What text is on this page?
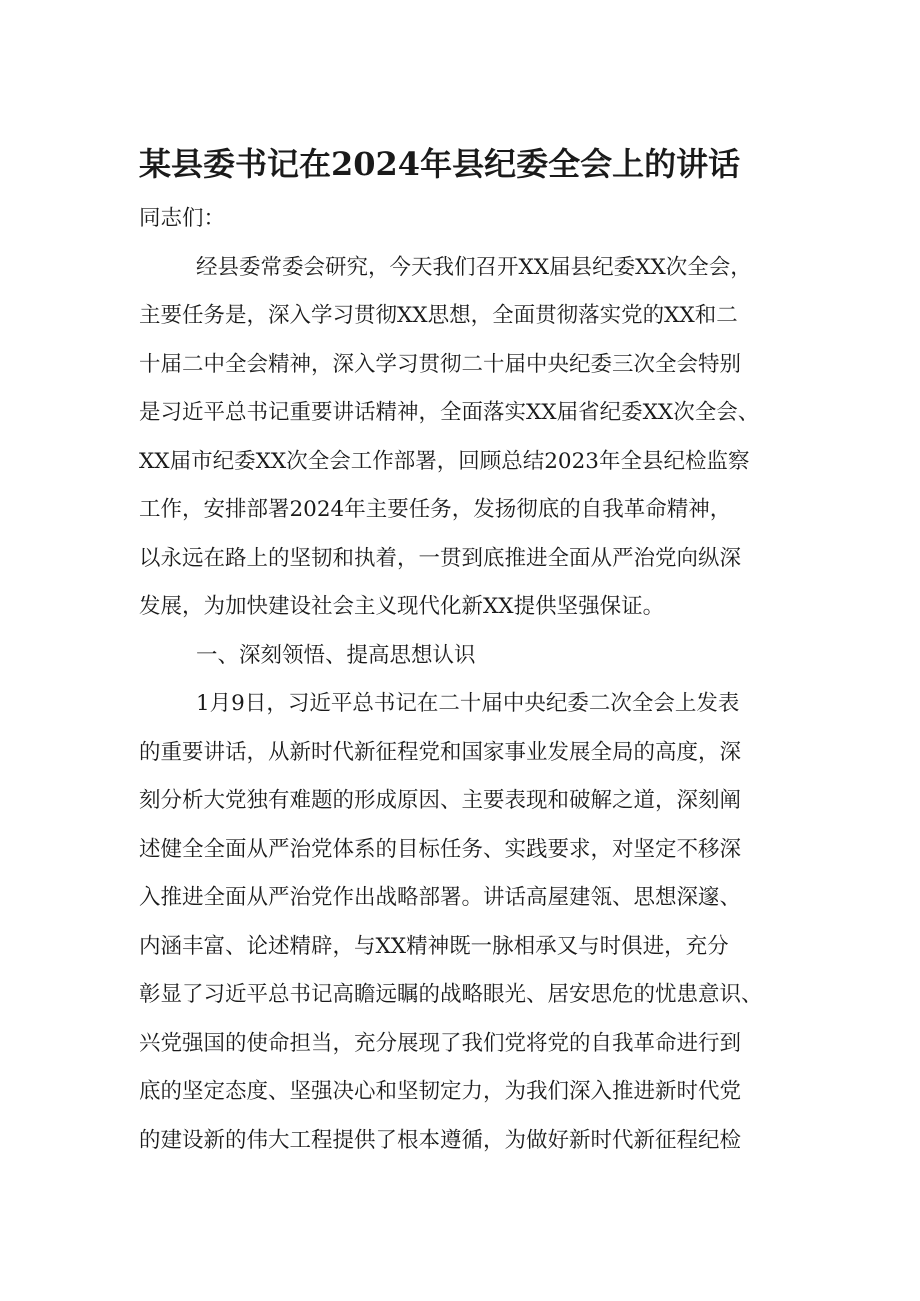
某县委书记在2024年县纪委全会上的讲话
同志们：
经县委常委会研究，今天我们召开XX届县纪委XX次全会，
主要任务是，深入学习贯彻XX思想，全面贯彻落实党的XX和二
十届二中全会精神，深入学习贯彻二十届中央纪委三次全会特别
是习近平总书记重要讲话精神，全面落实XX届省纪委XX次全会、
XX届市纪委XX次全会工作部署，回顾总结2023年全县纪检监察
工作，安排部署2024年主要任务，发扬彻底的自我革命精神，
以永远在路上的坚韧和执着，一贯到底推进全面从严治党向纵深
发展，为加快建设社会主义现代化新XX提供坚强保证。
一、深刻领悟、提高思想认识
1月9日，习近平总书记在二十届中央纪委二次全会上发表
的重要讲话，从新时代新征程党和国家事业发展全局的高度，深
刻分析大党独有难题的形成原因、主要表现和破解之道，深刻阐
述健全全面从严治党体系的目标任务、实践要求，对坚定不移深
入推进全面从严治党作出战略部署。讲话高屋建瓴、思想深邃、
内涵丰富、论述精辟，与XX精神既一脉相承又与时俱进，充分
彰显了习近平总书记高瞻远瞩的战略眼光、居安思危的忧患意识、
兴党强国的使命担当，充分展现了我们党将党的自我革命进行到
底的坚定态度、坚强决心和坚韧定力，为我们深入推进新时代党
的建设新的伟大工程提供了根本遵循，为做好新时代新征程纪检
